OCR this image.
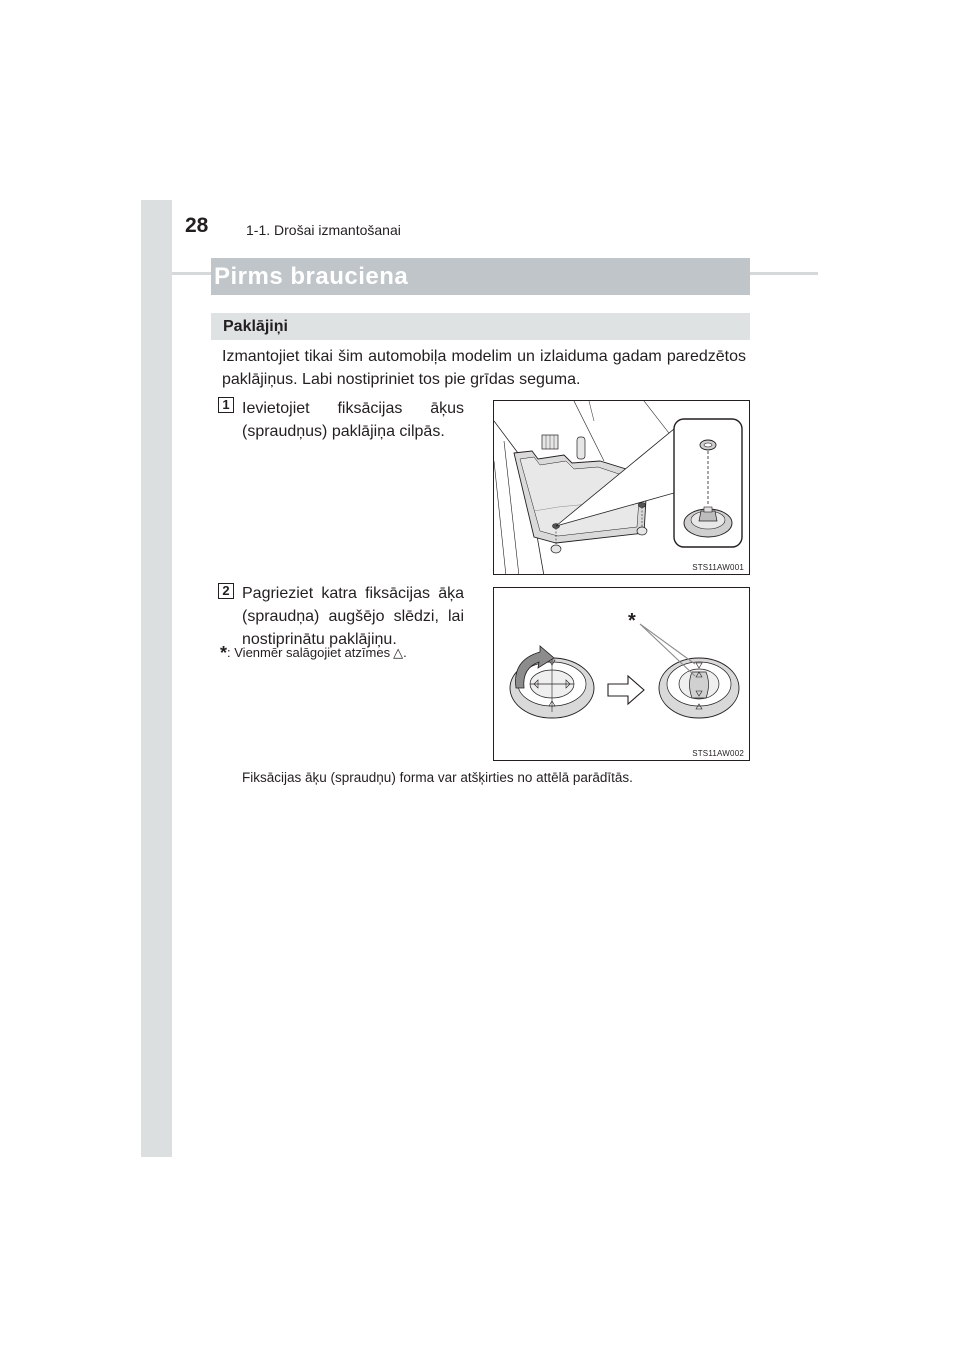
28	1-1. Drošai izmantošanai
Pirms brauciena
Paklājiņi
Izmantojiet tikai šim automobiļa modelim un izlaiduma gadam paredzētos paklājiņus. Labi nostipriniet tos pie grīdas seguma.
1 Ievietojiet fiksācijas āķus (spraudņus) paklājiņa cilpās.
STS11AW001
2 Pagrieziet katra fiksācijas āķa (spraudņa) augšējo slēdzi, lai nostiprinātu paklājiņu.
*: Vienmēr salāgojiet atzīmes △.
*
STS11AW002
Fiksācijas āķu (spraudņu) forma var atšķirties no attēlā parādītās.
